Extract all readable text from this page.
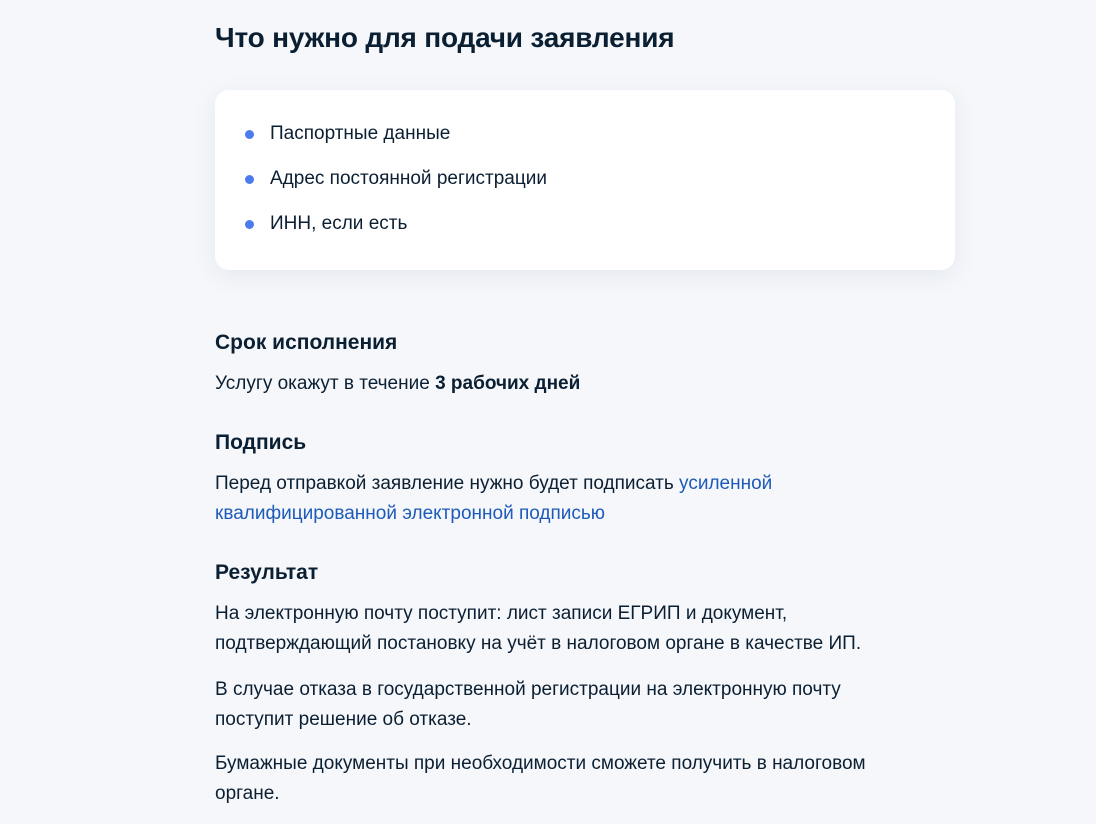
Что нужно для подачи заявления
Паспортные данные
Адрес постоянной регистрации
ИНН, если есть
Срок исполнения

Услугу окажут в течение 3 рабочих дней

Подпись

Перед отправкой заявление нужно будет подписать усиленной
квалифицированной электронной подписью

Результат

На электронную почту поступит: лист записи ЕГРИП и документ,
подтверждающий постановку на учёт в налоговом органе в качестве ИП.

В случае отказа в государственной регистрации на электронную почту
поступит решение об отказе.

Бумажные документы при необходимости сможете получить в налоговом
органе.
